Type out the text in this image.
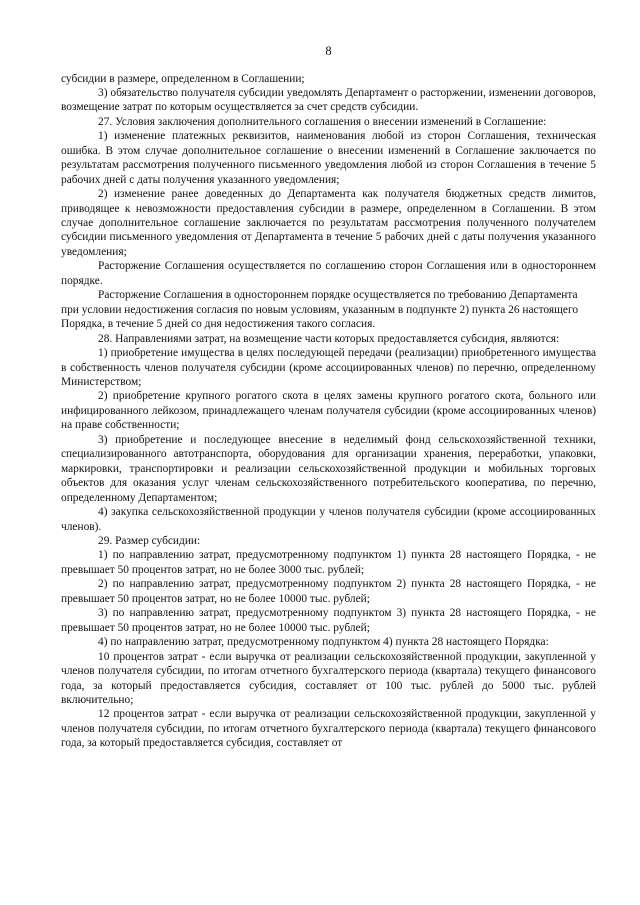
8

субсидии в размере, определенном в Соглашении;

3) обязательство получателя субсидии уведомлять Департамент о расторжении, изменении договоров, возмещение затрат по которым осуществляется за счет средств субсидии.

27. Условия заключения дополнительного соглашения о внесении изменений в Соглашение:

1) изменение платежных реквизитов, наименования любой из сторон Соглашения, техническая ошибка. В этом случае дополнительное соглашение о внесении изменений в Соглашение заключается по результатам рассмотрения полученного письменного уведомления любой из сторон Соглашения в течение 5 рабочих дней с даты получения указанного уведомления;

2) изменение ранее доведенных до Департамента как получателя бюджетных средств лимитов, приводящее к невозможности предоставления субсидии в размере, определенном в Соглашении. В этом случае дополнительное соглашение заключается по результатам рассмотрения полученного получателем субсидии письменного уведомления от Департамента в течение 5 рабочих дней с даты получения указанного уведомления;

Расторжение Соглашения осуществляется по соглашению сторон Соглашения или в одностороннем порядке.

Расторжение Соглашения в одностороннем порядке осуществляется по требованию Департамента при условии недостижения согласия по новым условиям, указанным в подпункте 2) пункта 26 настоящего Порядка, в течение 5 дней со дня недостижения такого согласия.

28. Направлениями затрат, на возмещение части которых предоставляется субсидия, являются:

1) приобретение имущества в целях последующей передачи (реализации) приобретенного имущества в собственность членов получателя субсидии (кроме ассоциированных членов) по перечню, определенному Министерством;

2) приобретение крупного рогатого скота в целях замены крупного рогатого скота, больного или инфицированного лейкозом, принадлежащего членам получателя субсидии (кроме ассоциированных членов) на праве собственности;

3) приобретение и последующее внесение в неделимый фонд сельскохозяйственной техники, специализированного автотранспорта, оборудования для организации хранения, переработки, упаковки, маркировки, транспортировки и реализации сельскохозяйственной продукции и мобильных торговых объектов для оказания услуг членам сельскохозяйственного потребительского кооператива, по перечню, определенному Департаментом;

4) закупка сельскохозяйственной продукции у членов получателя субсидии (кроме ассоциированных членов).

29. Размер субсидии:

1) по направлению затрат, предусмотренному подпунктом 1) пункта 28 настоящего Порядка, - не превышает 50 процентов затрат, но не более 3000 тыс. рублей;

2) по направлению затрат, предусмотренному подпунктом 2) пункта 28 настоящего Порядка, - не превышает 50 процентов затрат, но не более 10000 тыс. рублей;

3) по направлению затрат, предусмотренному подпунктом 3) пункта 28 настоящего Порядка, - не превышает 50 процентов затрат, но не более 10000 тыс. рублей;

4) по направлению затрат, предусмотренному подпунктом 4) пункта 28 настоящего Порядка:

10 процентов затрат - если выручка от реализации сельскохозяйственной продукции, закупленной у членов получателя субсидии, по итогам отчетного бухгалтерского периода (квартала) текущего финансового года, за который предоставляется субсидия, составляет от 100 тыс. рублей до 5000 тыс. рублей включительно;

12 процентов затрат - если выручка от реализации сельскохозяйственной продукции, закупленной у членов получателя субсидии, по итогам отчетного бухгалтерского периода (квартала) текущего финансового года, за который предоставляется субсидия, составляет от
